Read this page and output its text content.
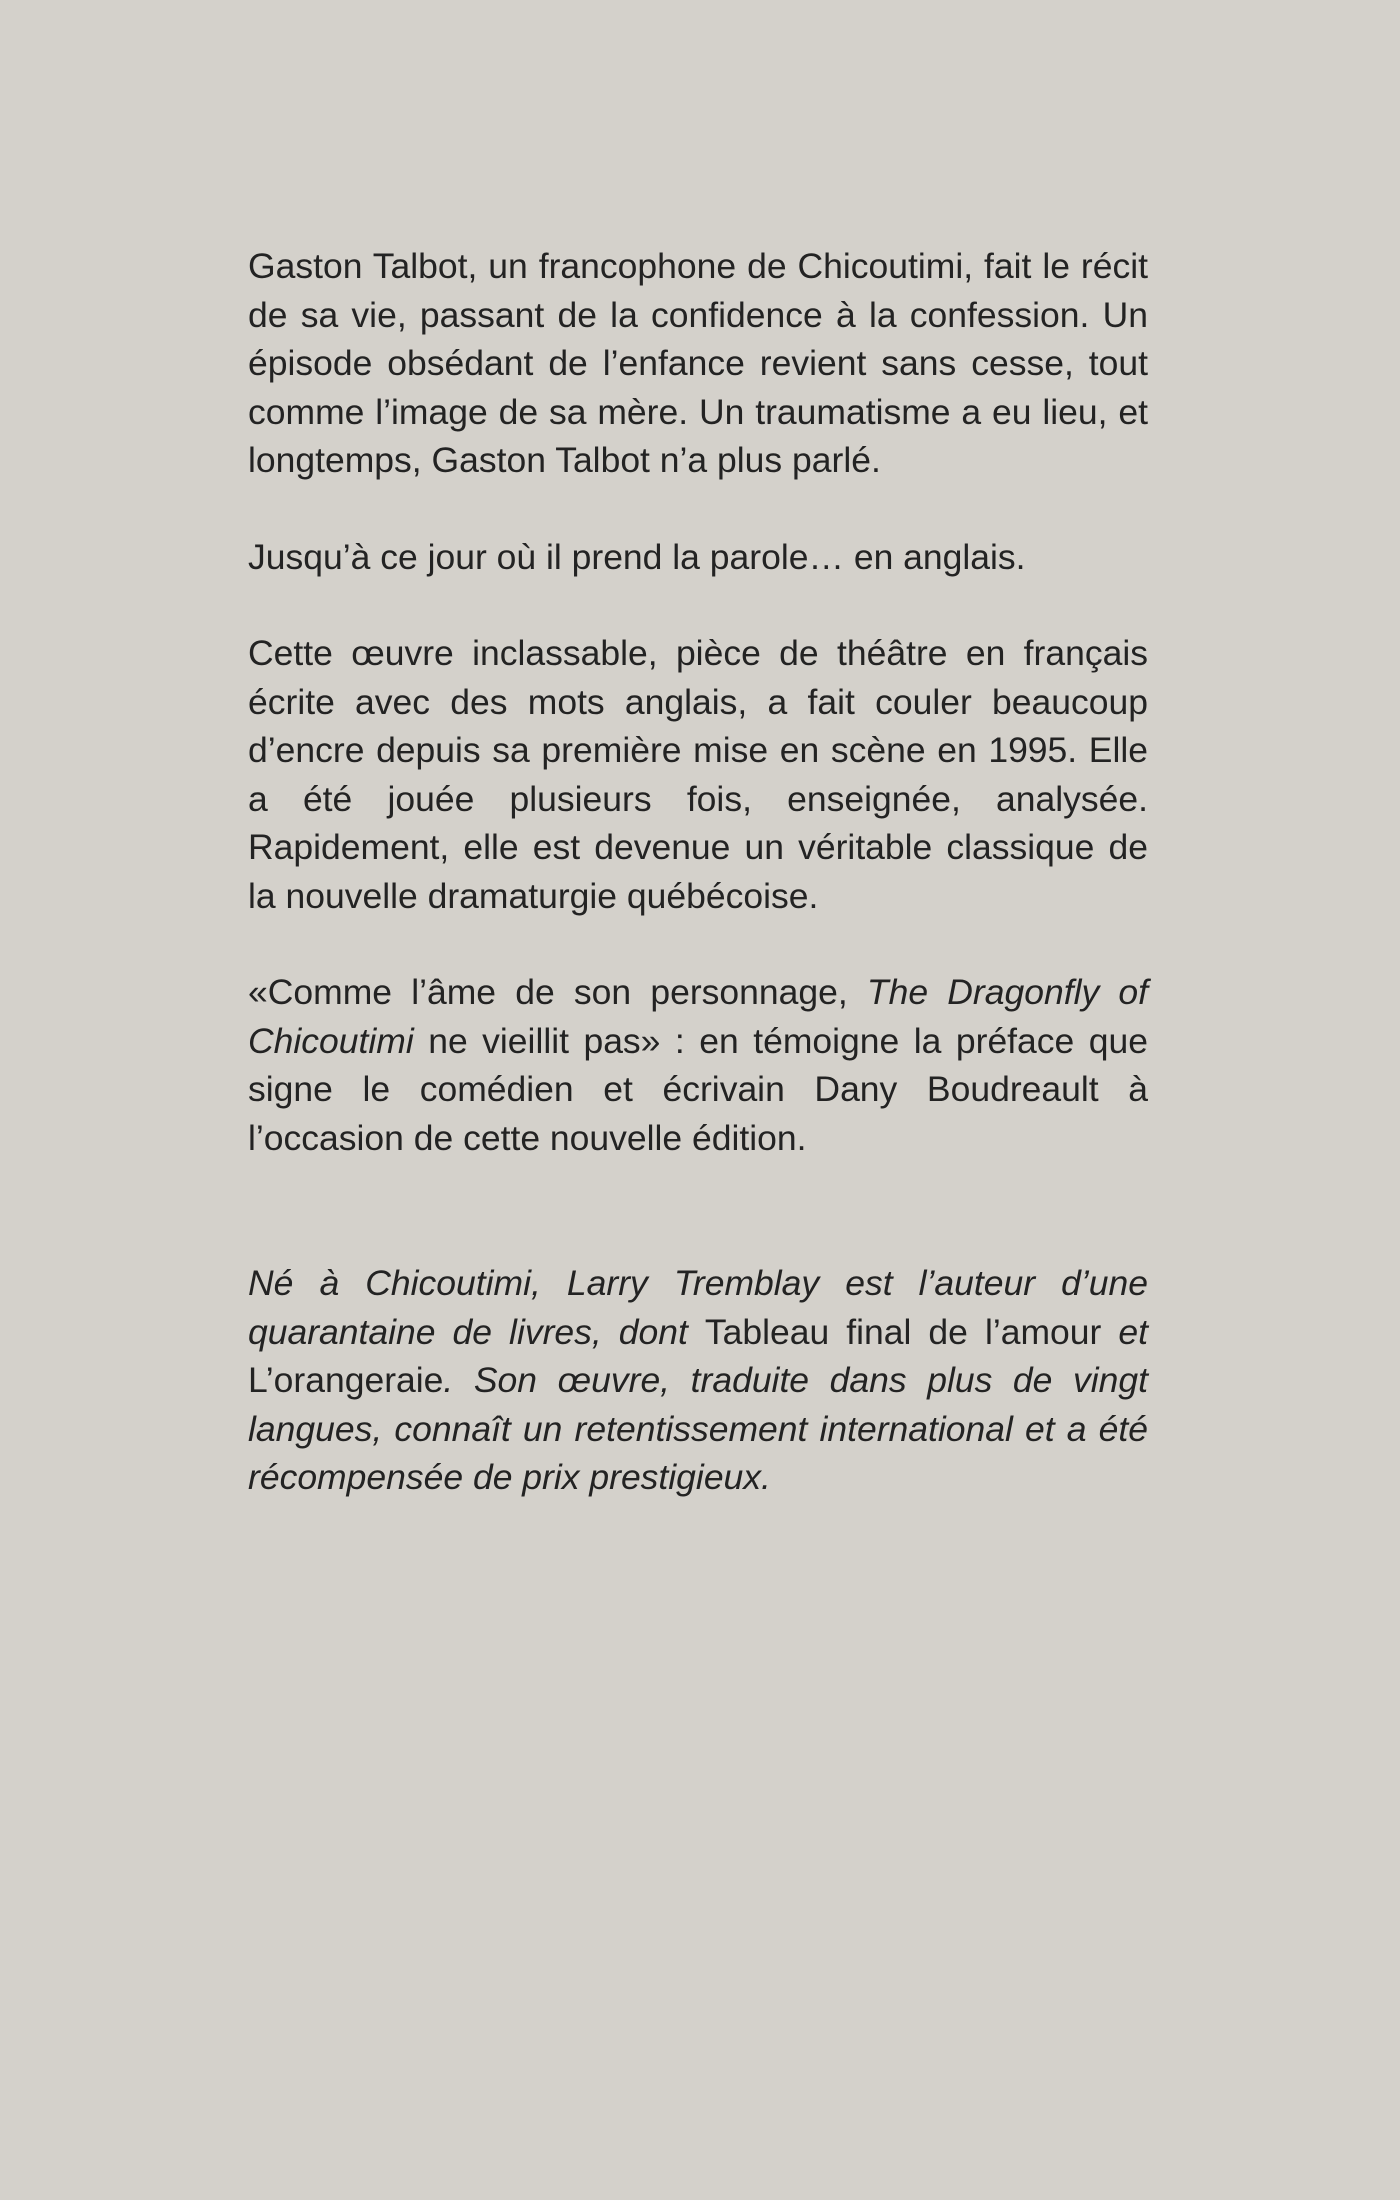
Gaston Talbot, un francophone de Chicoutimi, fait le récit de sa vie, passant de la confidence à la confession. Un épisode obsédant de l’enfance revient sans cesse, tout comme l’image de sa mère. Un traumatisme a eu lieu, et longtemps, Gaston Talbot n’a plus parlé.

Jusqu’à ce jour où il prend la parole… en anglais.

Cette œuvre inclassable, pièce de théâtre en français écrite avec des mots anglais, a fait couler beaucoup d’encre depuis sa première mise en scène en 1995. Elle a été jouée plusieurs fois, enseignée, analysée. Rapidement, elle est devenue un véritable classique de la nouvelle dramaturgie québécoise.

«Comme l’âme de son personnage, The Dragonfly of Chicoutimi ne vieillit pas» : en témoigne la préface que signe le comédien et écrivain Dany Boudreault à l’occasion de cette nouvelle édition.

Né à Chicoutimi, Larry Tremblay est l’auteur d’une quarantaine de livres, dont Tableau final de l’amour et L’orangeraie. Son œuvre, traduite dans plus de vingt langues, connaît un retentissement international et a été récompensée de prix prestigieux.
